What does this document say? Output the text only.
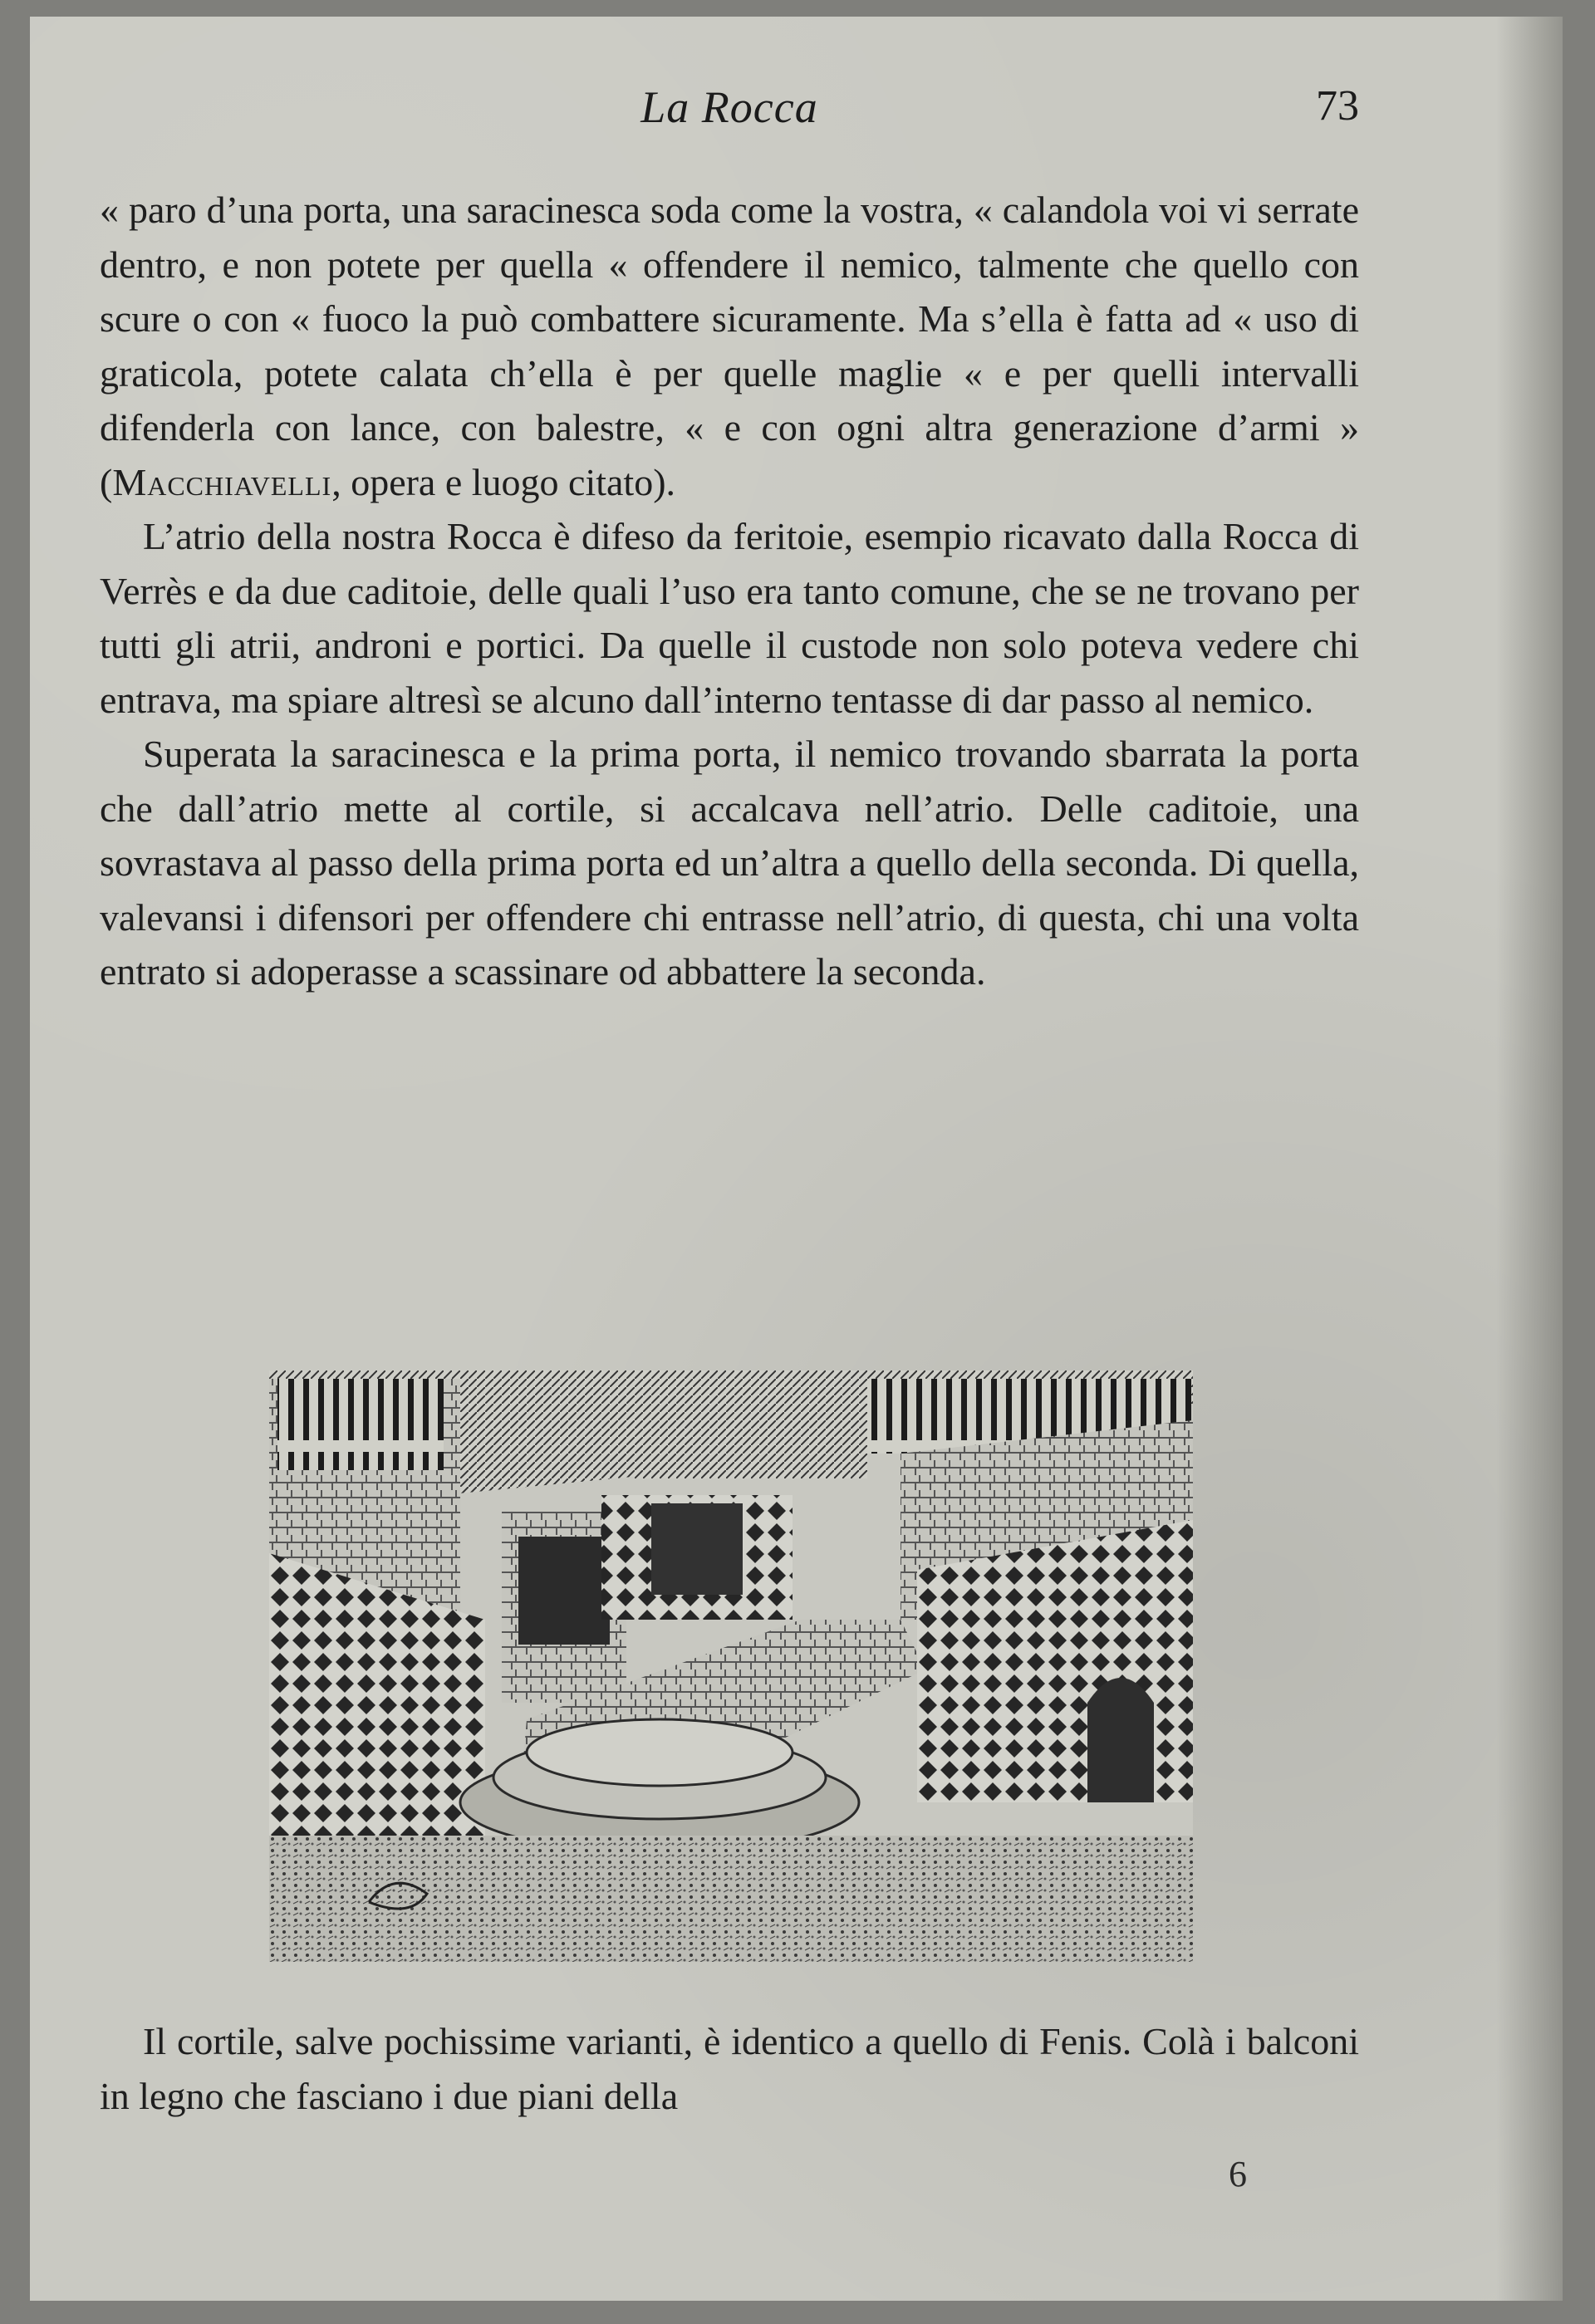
La Rocca	73

« paro d’una porta, una saracinesca soda come la vostra, « calandola voi vi serrate dentro, e non potete per quella « offendere il nemico, talmente che quello con scure o con « fuoco la può combattere sicuramente. Ma s’ella è fatta ad « uso di graticola, potete calata ch’ella è per quelle maglie « e per quelli intervalli difenderla con lance, con balestre, « e con ogni altra generazione d’armi » (Macchiavelli, opera e luogo citato).

L’atrio della nostra Rocca è difeso da feritoie, esempio ricavato dalla Rocca di Verrès e da due caditoie, delle quali l’uso era tanto comune, che se ne trovano per tutti gli atrii, androni e portici. Da quelle il custode non solo poteva vedere chi entrava, ma spiare altresì se alcuno dall’interno tentasse di dar passo al nemico.

Superata la saracinesca e la prima porta, il nemico trovando sbarrata la porta che dall’atrio mette al cortile, si accalcava nell’atrio. Delle caditoie, una sovrastava al passo della prima porta ed un’altra a quello della seconda. Di quella, valevansi i difensori per offendere chi entrasse nell’atrio, di questa, chi una volta entrato si adoperasse a scassinare od abbattere la seconda.

Il cortile, salve pochissime varianti, è identico a quello di Fenis. Colà i balconi in legno che fasciano i due piani della

6
